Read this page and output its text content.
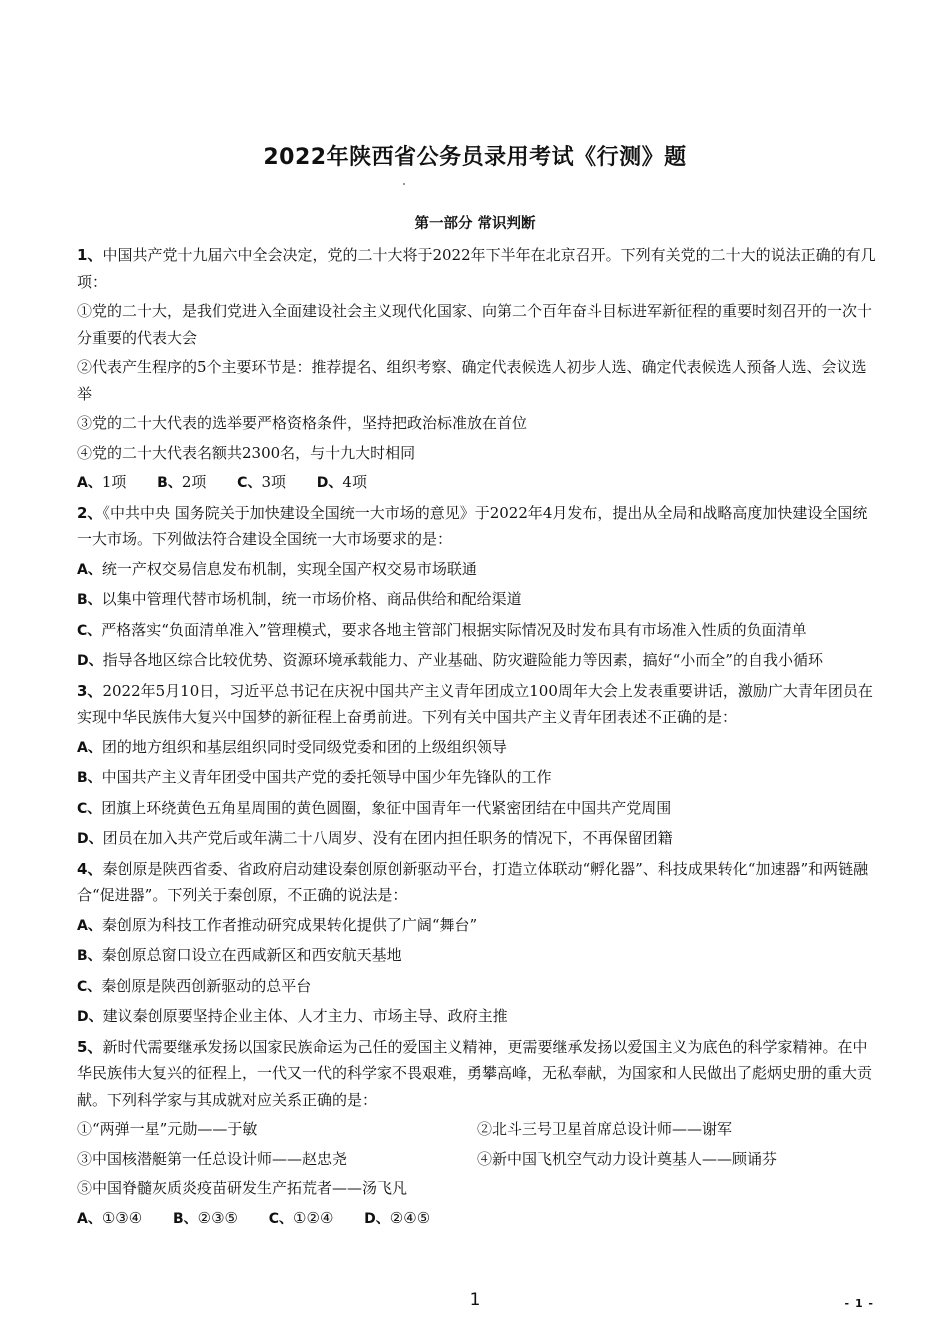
2022年陕西省公务员录用考试《行测》题
第一部分 常识判断

1、中国共产党十九届六中全会决定，党的二十大将于2022年下半年在北京召开。下列有关党的二十大的说法正确的有几项：

①党的二十大，是我们党进入全面建设社会主义现代化国家、向第二个百年奋斗目标进军新征程的重要时刻召开的一次十分重要的代表大会

②代表产生程序的5个主要环节是：推荐提名、组织考察、确定代表候选人初步人选、确定代表候选人预备人选、会议选举

③党的二十大代表的选举要严格资格条件，坚持把政治标准放在首位

④党的二十大代表名额共2300名，与十九大时相同

A、1项 B、2项 C、3项 D、4项

2、《中共中央 国务院关于加快建设全国统一大市场的意见》于2022年4月发布，提出从全局和战略高度加快建设全国统一大市场。下列做法符合建设全国统一大市场要求的是：

A、统一产权交易信息发布机制，实现全国产权交易市场联通

B、以集中管理代替市场机制，统一市场价格、商品供给和配给渠道

C、严格落实“负面清单准入”管理模式，要求各地主管部门根据实际情况及时发布具有市场准入性质的负面清单

D、指导各地区综合比较优势、资源环境承载能力、产业基础、防灾避险能力等因素，搞好“小而全”的自我小循环

3、2022年5月10日，习近平总书记在庆祝中国共产主义青年团成立100周年大会上发表重要讲话，激励广大青年团员在实现中华民族伟大复兴中国梦的新征程上奋勇前进。下列有关中国共产主义青年团表述不正确的是：

A、团的地方组织和基层组织同时受同级党委和团的上级组织领导

B、中国共产主义青年团受中国共产党的委托领导中国少年先锋队的工作

C、团旗上环绕黄色五角星周围的黄色圆圈，象征中国青年一代紧密团结在中国共产党周围

D、团员在加入共产党后或年满二十八周岁、没有在团内担任职务的情况下，不再保留团籍

4、秦创原是陕西省委、省政府启动建设秦创原创新驱动平台，打造立体联动“孵化器”、科技成果转化“加速器”和两链融合“促进器”。下列关于秦创原，不正确的说法是：

A、秦创原为科技工作者推动研究成果转化提供了广阔“舞台”

B、秦创原总窗口设立在西咸新区和西安航天基地

C、秦创原是陕西创新驱动的总平台

D、建议秦创原要坚持企业主体、人才主力、市场主导、政府主推

5、新时代需要继承发扬以国家民族命运为己任的爱国主义精神，更需要继承发扬以爱国主义为底色的科学家精神。在中华民族伟大复兴的征程上，一代又一代的科学家不畏艰难，勇攀高峰，无私奉献，为国家和人民做出了彪炳史册的重大贡献。下列科学家与其成就对应关系正确的是：

①“两弹一星”元勋——于敏	②北斗三号卫星首席总设计师——谢军
③中国核潜艇第一任总设计师——赵忠尧	④新中国飞机空气动力设计奠基人——顾诵芬

⑤中国脊髓灰质炎疫苗研发生产拓荒者——汤飞凡

A、①③④ B、②③⑤ C、①②④ D、②④⑤

1	- 1 -
